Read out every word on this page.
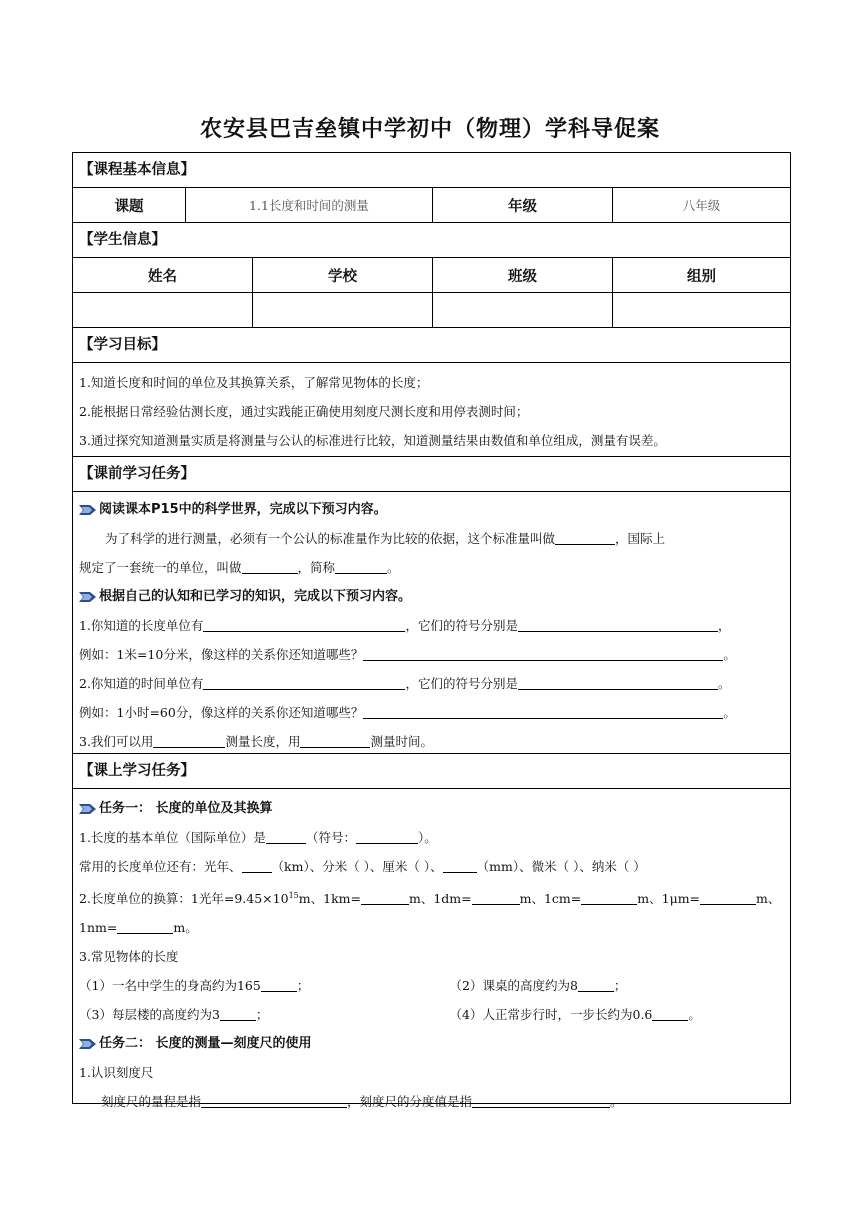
农安县巴吉垒镇中学初中（物理）学科导促案
【课程基本信息】
课题	1.1长度和时间的测量	年级	八年级
【学生信息】
姓名	学校	班级	组别
【学习目标】
1.知道长度和时间的单位及其换算关系，了解常见物体的长度；
2.能根据日常经验估测长度，通过实践能正确使用刻度尺测长度和用停表测时间；
3.通过探究知道测量实质是将测量与公认的标准进行比较，知道测量结果由数值和单位组成，测量有误差。
【课前学习任务】
阅读课本P15中的科学世界，完成以下预习内容。
为了科学的进行测量，必须有一个公认的标准量作为比较的依据，这个标准量叫做	，国际上
规定了一套统一的单位，叫做	，简称	。
根据自己的认知和已学习的知识，完成以下预习内容。
1.你知道的长度单位有	，它们的符号分别是	，
例如：1米=10分米，像这样的关系你还知道哪些？	。
2.你知道的时间单位有	，它们的符号分别是	。
例如：1小时=60分，像这样的关系你还知道哪些？	。
3.我们可以用	测量长度，用	测量时间。
【课上学习任务】
任务一： 长度的单位及其换算
1.长度的基本单位（国际单位）是	（符号：	）。
常用的长度单位还有：光年、 （km）、分米（ ）、厘米（ ）、	（mm）、微米（ ）、纳米（ ）
2.长度单位的换算：1光年$=9.45\times 10^{15}m$、1km=	m、1dm=	m、1cm=	m、1μm=	m、
1nm=	m。
3.常见物体的长度
（1）一名中学生的身高约为165	；	（2）课桌的高度约为8	；
（3）每层楼的高度约为3	；	（4）人正常步行时，一步长约为0.6	。
任务二： 长度的测量—刻度尺的使用
1.认识刻度尺
刻度尺的量程是指	，刻度尺的分度值是指	。
